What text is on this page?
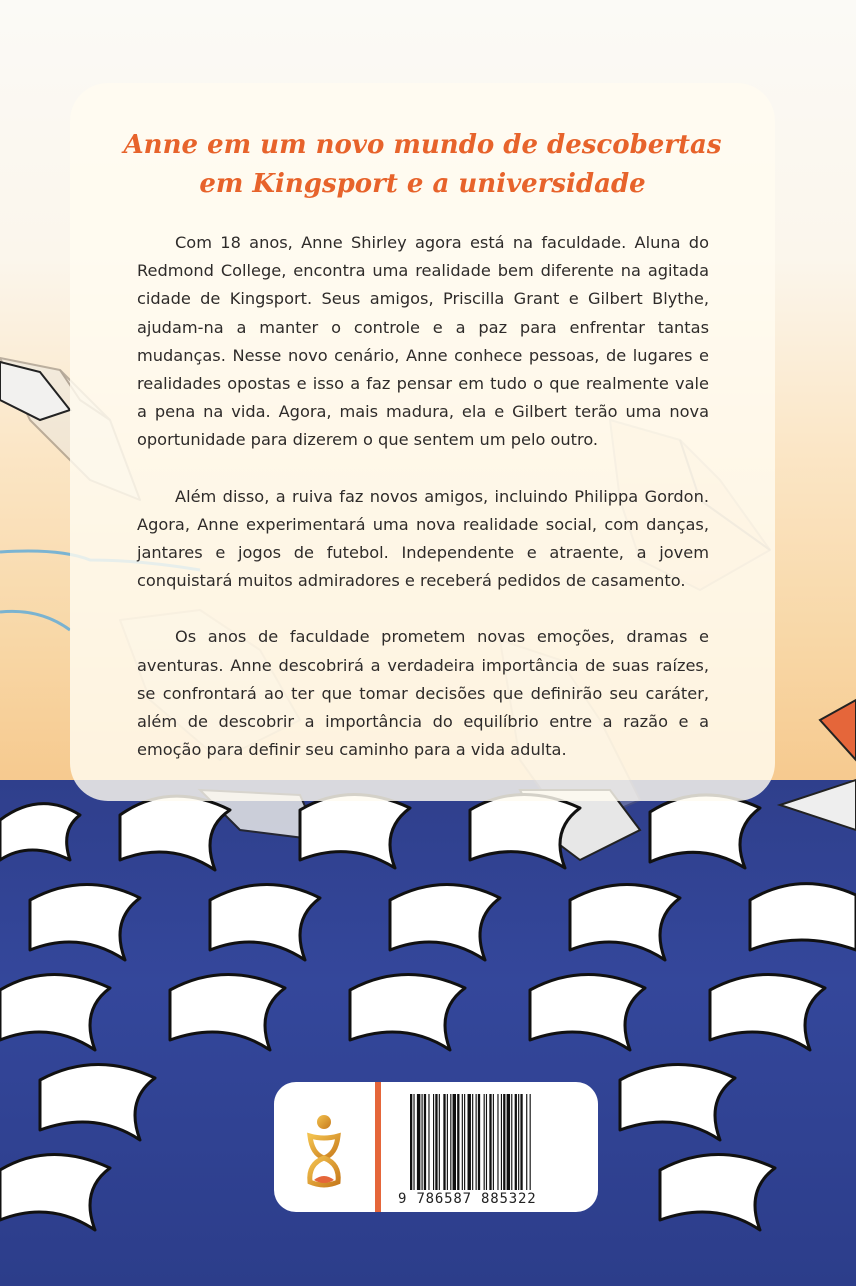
Anne em um novo mundo de descobertas
em Kingsport e a universidade

Com 18 anos, Anne Shirley agora está na faculdade. Aluna do Redmond College, encontra uma realidade bem diferente na agitada cidade de Kingsport. Seus amigos, Priscilla Grant e Gilbert Blythe, ajudam-na a manter o controle e a paz para enfrentar tantas mudanças. Nesse novo cenário, Anne conhece pessoas, de lugares e realidades opostas e isso a faz pensar em tudo o que realmente vale a pena na vida. Agora, mais madura, ela e Gilbert terão uma nova oportunidade para dizerem o que sentem um pelo outro.

Além disso, a ruiva faz novos amigos, incluindo Philippa Gordon. Agora, Anne experimentará uma nova realidade social, com danças, jantares e jogos de futebol. Independente e atraente, a jovem conquistará muitos admiradores e receberá pedidos de casamento.

Os anos de faculdade prometem novas emoções, dramas e aventuras. Anne descobrirá a verdadeira importância de suas raízes, se confrontará ao ter que tomar decisões que definirão seu caráter, além de descobrir a importância do equilíbrio entre a razão e a emoção para definir seu caminho para a vida adulta.

9 786587 885322
